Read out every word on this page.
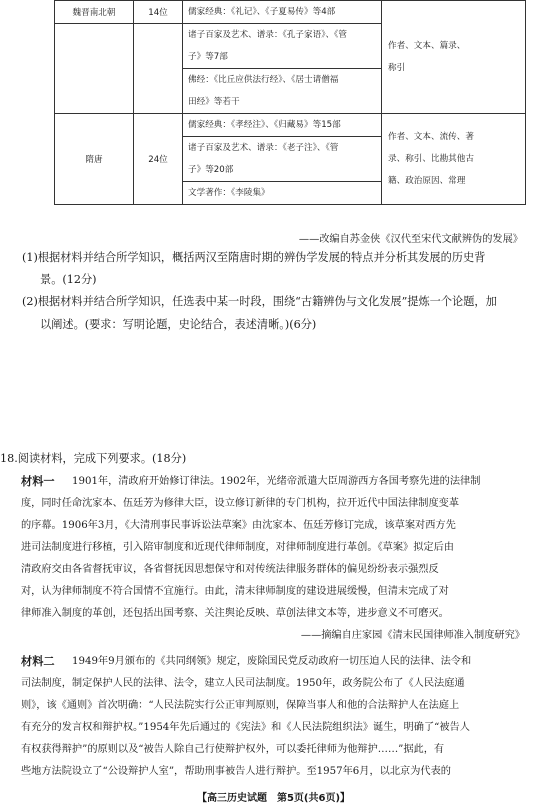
魏晋南北朝	14位	儒家经典：《礼记》、《子夏易传》等4部	作者、文本、篇录、
称引

		诸子百家及艺术、谱录：《孔子家语》、《管
子》等7部	

		佛经：《比丘应供法行经》、《居士请僧福
田经》等若干	

隋唐	24位	儒家经典：《孝经注》、《归藏易》等15部	作者、文本、流传、著
录、称引、比勘其他古
籍、政治原因、常理

		诸子百家及艺术、谱录：《老子注》、《管
子》等20部	

		文学著作：《李陵集》	
——改编自苏金侠《汉代至宋代文献辨伪的发展》
(1)根据材料并结合所学知识，概括两汉至隋唐时期的辨伪学发展的特点并分析其发展的历史背
景。(12分)
(2)根据材料并结合所学知识，任选表中某一时段，围绕“古籍辨伪与文化发展”提炼一个论题，加
以阐述。(要求：写明论题，史论结合，表述清晰。)(6分)
18.阅读材料，完成下列要求。(18分)
材料一 1901年，清政府开始修订律法。1902年，光绪帝派遣大臣周游西方各国考察先进的法律制
度，同时任命沈家本、伍廷芳为修律大臣，设立修订新律的专门机构，拉开近代中国法律制度变革
的序幕。1906年3月，《大清刑事民事诉讼法草案》由沈家本、伍廷芳修订完成，该草案对西方先
进司法制度进行移植，引入陪审制度和近现代律师制度，对律师制度进行革创。《草案》拟定后由
清政府交由各省督抚审议，各省督抚因思想保守和对传统法律服务群体的偏见纷纷表示强烈反
对，认为律师制度不符合国情不宜施行。由此，清末律师制度的建设进展缓慢，但清末完成了对
律师准入制度的革创，还包括出国考察、关注舆论反映、草创法律文本等，进步意义不可磨灭。
——摘编自庄家园《清末民国律师准入制度研究》
材料二 1949年9月颁布的《共同纲领》规定，废除国民党反动政府一切压迫人民的法律、法令和
司法制度，制定保护人民的法律、法令，建立人民司法制度。1950年，政务院公布了《人民法庭通
则》，该《通则》首次明确：“人民法院实行公正审判原则，保障当事人和他的合法辩护人在法庭上
有充分的发言权和辩护权。”1954年先后通过的《宪法》和《人民法院组织法》诞生，明确了“被告人
有权获得辩护”的原则以及“被告人除自己行使辩护权外，可以委托律师为他辩护……”据此，有
些地方法院设立了“公设辩护人室”，帮助刑事被告人进行辩护。至1957年6月，以北京为代表的
【高三历史试题　第5页(共6页)】
